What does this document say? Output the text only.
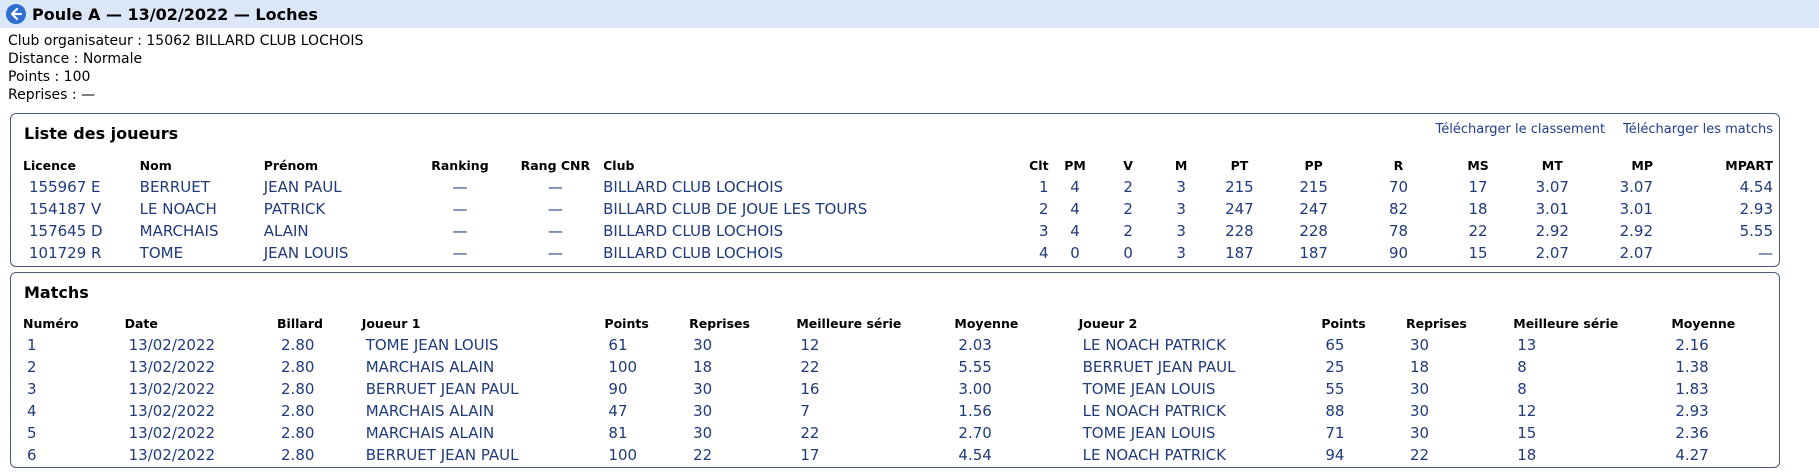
Poule A — 13/02/2022 — Loches
Club organisateur : 15062 BILLARD CLUB LOCHOIS
Distance : Normale
Points : 100
Reprises : —
Liste des joueurs	Télécharger le classement Télécharger les matchs
Licence	Nom	Prénom	Ranking	Rang CNR	Club	Clt	PM	V	M	PT	PP	R	MS	MT	MP	MPART
155967 E	BERRUET	JEAN PAUL	—	—	BILLARD CLUB LOCHOIS	1	4	2	3	215	215	70	17	3.07	3.07	4.54
154187 V	LE NOACH	PATRICK	—	—	BILLARD CLUB DE JOUE LES TOURS	2	4	2	3	247	247	82	18	3.01	3.01	2.93
157645 D	MARCHAIS	ALAIN	—	—	BILLARD CLUB LOCHOIS	3	4	2	3	228	228	78	22	2.92	2.92	5.55
101729 R	TOME	JEAN LOUIS	—	—	BILLARD CLUB LOCHOIS	4	0	0	3	187	187	90	15	2.07	2.07	—
Matchs
Numéro	Date	Billard	Joueur 1	Points	Reprises	Meilleure série	Moyenne	Joueur 2	Points	Reprises	Meilleure série	Moyenne
1	13/02/2022	2.80	TOME JEAN LOUIS	61	30	12	2.03	LE NOACH PATRICK	65	30	13	2.16
2	13/02/2022	2.80	MARCHAIS ALAIN	100	18	22	5.55	BERRUET JEAN PAUL	25	18	8	1.38
3	13/02/2022	2.80	BERRUET JEAN PAUL	90	30	16	3.00	TOME JEAN LOUIS	55	30	8	1.83
4	13/02/2022	2.80	MARCHAIS ALAIN	47	30	7	1.56	LE NOACH PATRICK	88	30	12	2.93
5	13/02/2022	2.80	MARCHAIS ALAIN	81	30	22	2.70	TOME JEAN LOUIS	71	30	15	2.36
6	13/02/2022	2.80	BERRUET JEAN PAUL	100	22	17	4.54	LE NOACH PATRICK	94	22	18	4.27
